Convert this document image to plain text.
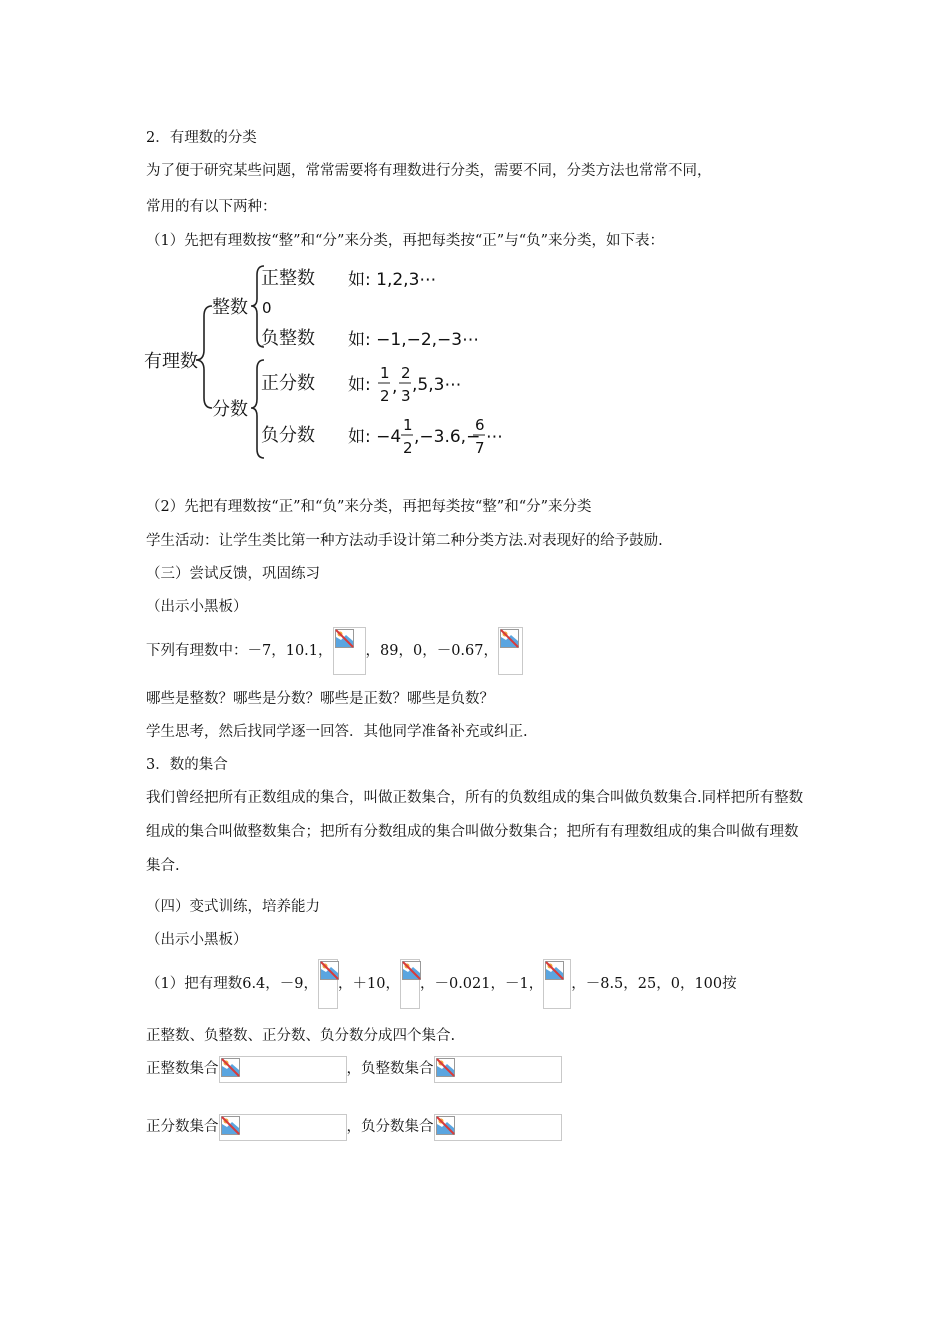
2．有理数的分类
为了便于研究某些问题，常常需要将有理数进行分类，需要不同，分类方法也常常不同，
常用的有以下两种：
（1）先把有理数按“整”和“分”来分类，再把每类按“正”与“负”来分类，如下表：
有理数
整数
分数
正整数 如: 1,2,3⋯
0
负整数 如: −1,−2,−3⋯
正分数 如:
1
2 ,
2
3
,5,3⋯
负分数 如: −4
1
2
,−3.6,−
6
7
⋯
（2）先把有理数按“正”和“负”来分类，再把每类按“整”和“分”来分类
学生活动：让学生类比第一种方法动手设计第二种分类方法.对表现好的给予鼓励.
（三）尝试反馈，巩固练习
（出示小黑板）
下列有理数中：－7，10.1， ，89，0，－0.67，
哪些是整数？哪些是分数？哪些是正数？哪些是负数？
学生思考，然后找同学逐一回答．其他同学准备补充或纠正.
3．数的集合
我们曾经把所有正数组成的集合，叫做正数集合，所有的负数组成的集合叫做负数集合.同样把所有整数组成的集合叫做整数集合；把所有分数组成的集合叫做分数集合；把所有有理数组成的集合叫做有理数集合.
（四）变式训练，培养能力
（出示小黑板）
（1）把有理数6.4，－9， ，＋10， ，－0.021，－1， ，－8.5，25，0，100按
正整数、负整数、正分数、负分数分成四个集合.
正整数集合	，负整数集合
正分数集合	，负分数集合
